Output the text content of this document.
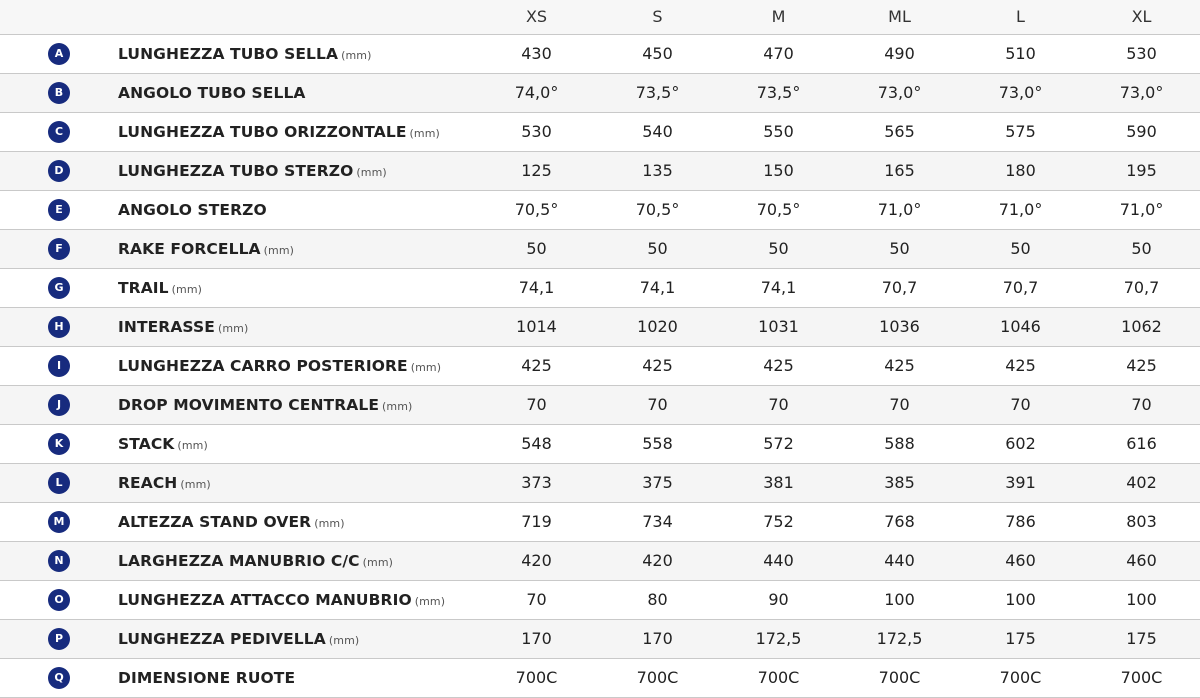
		XS	S	M	ML	L	XL
A	LUNGHEZZA TUBO SELLA (mm)	430	450	470	490	510	530
B	ANGOLO TUBO SELLA	74,0°	73,5°	73,5°	73,0°	73,0°	73,0°
C	LUNGHEZZA TUBO ORIZZONTALE (mm)	530	540	550	565	575	590
D	LUNGHEZZA TUBO STERZO (mm)	125	135	150	165	180	195
E	ANGOLO STERZO	70,5°	70,5°	70,5°	71,0°	71,0°	71,0°
F	RAKE FORCELLA (mm)	50	50	50	50	50	50
G	TRAIL (mm)	74,1	74,1	74,1	70,7	70,7	70,7
H	INTERASSE (mm)	1014	1020	1031	1036	1046	1062
I	LUNGHEZZA CARRO POSTERIORE (mm)	425	425	425	425	425	425
J	DROP MOVIMENTO CENTRALE (mm)	70	70	70	70	70	70
K	STACK (mm)	548	558	572	588	602	616
L	REACH (mm)	373	375	381	385	391	402
M	ALTEZZA STAND OVER (mm)	719	734	752	768	786	803
N	LARGHEZZA MANUBRIO C/C (mm)	420	420	440	440	460	460
O	LUNGHEZZA ATTACCO MANUBRIO (mm)	70	80	90	100	100	100
P	LUNGHEZZA PEDIVELLA (mm)	170	170	172,5	172,5	175	175
Q	DIMENSIONE RUOTE	700C	700C	700C	700C	700C	700C
